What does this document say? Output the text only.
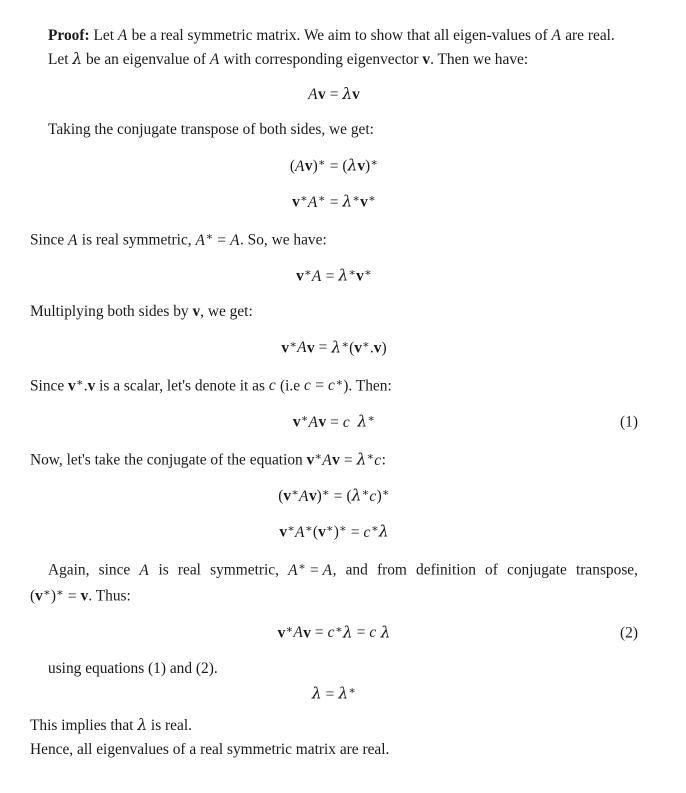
Proof: Let A be a real symmetric matrix. We aim to show that all eigen‑values of A are real.

Let λ be an eigenvalue of A with corresponding eigenvector v. Then we have:

Av = λv

Taking the conjugate transpose of both sides, we get:

(Av)∗ = (λv)∗
v∗A∗ = λ∗v∗

Since A is real symmetric, A∗ = A. So, we have:

v∗A = λ∗v∗

Multiplying both sides by v, we get:

v∗Av = λ∗(v∗.v)

Since v∗.v is a scalar, let's denote it as c (i.e c = c∗). Then:

v∗Av = c λ∗	(1)

Now, let's take the conjugate of the equation v∗Av = λ∗c:

(v∗Av)∗ = (λ∗c)∗
v∗A∗(v∗)∗ = c∗λ

Again, since A is real symmetric, A∗ = A, and from definition of conjugate transpose, (v∗)∗ = v. Thus:

v∗Av = c∗λ = c λ	(2)

using equations (1) and (2).

λ = λ∗

This implies that λ is real.

Hence, all eigenvalues of a real symmetric matrix are real.
